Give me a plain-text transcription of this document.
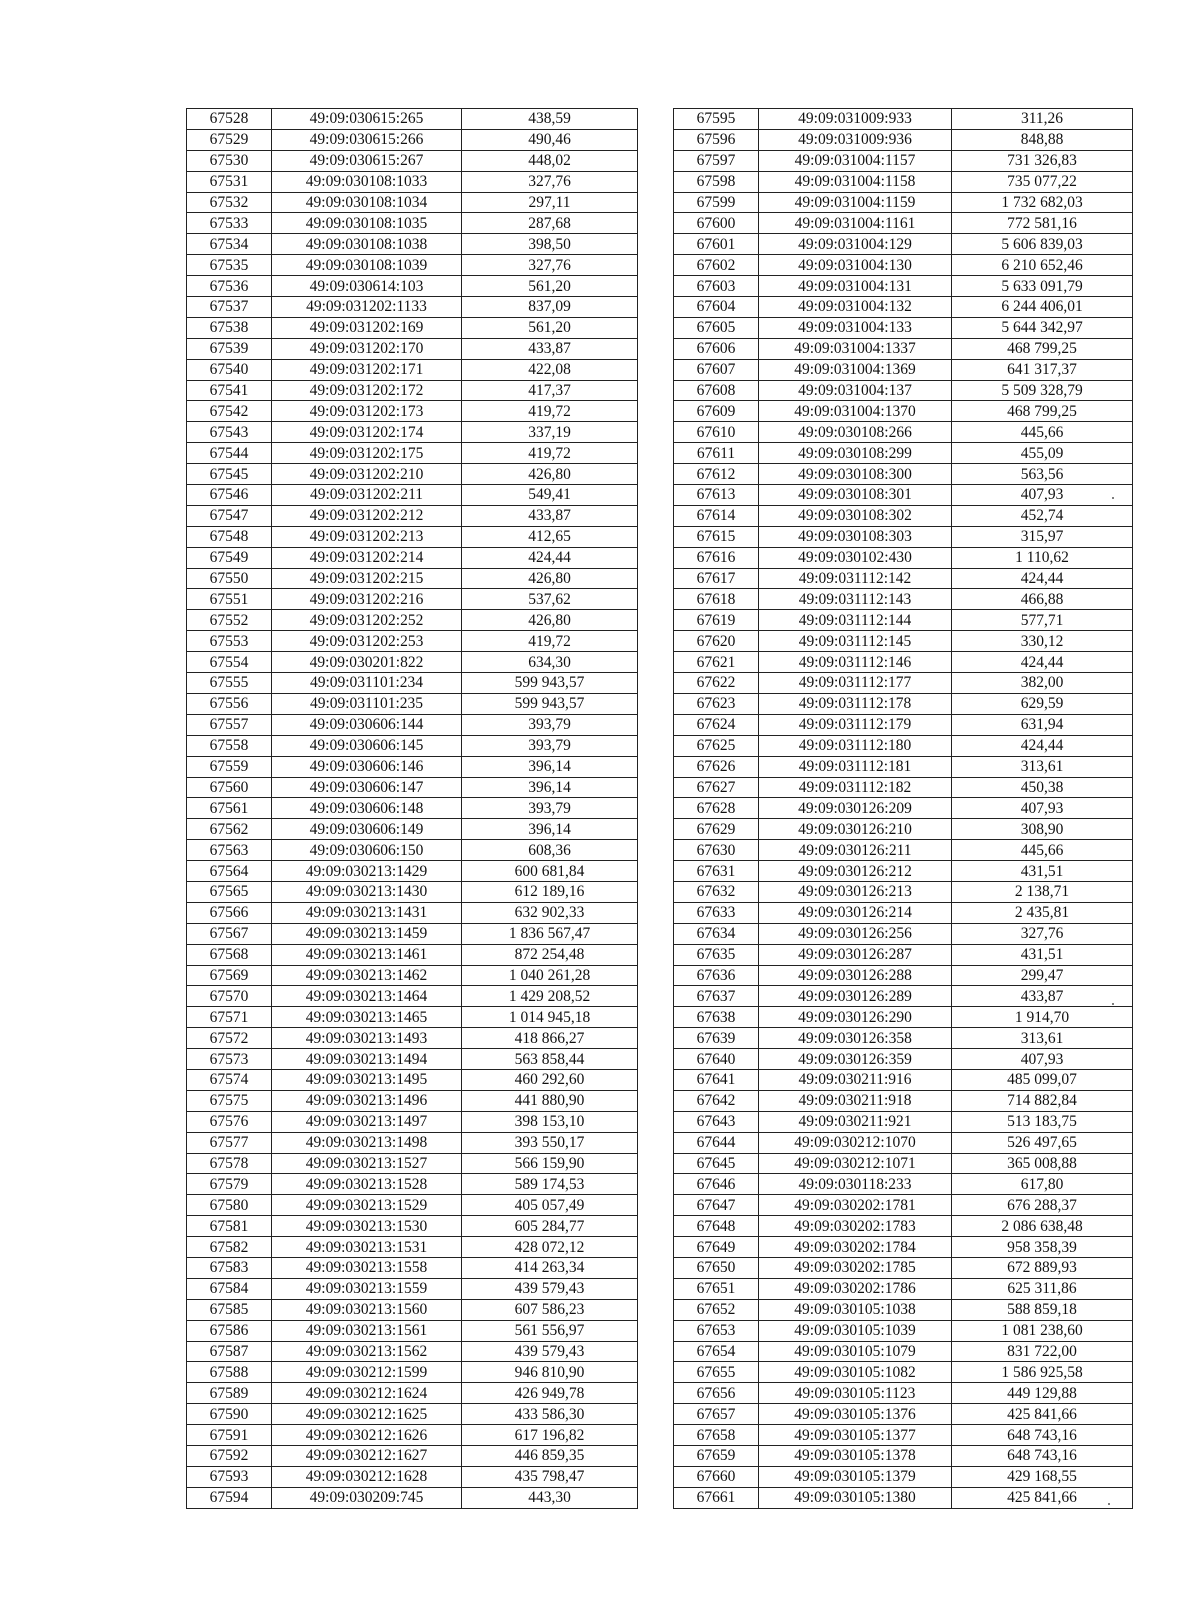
67528	49:09:030615:265	438,59
67529	49:09:030615:266	490,46
67530	49:09:030615:267	448,02
67531	49:09:030108:1033	327,76
67532	49:09:030108:1034	297,11
67533	49:09:030108:1035	287,68
67534	49:09:030108:1038	398,50
67535	49:09:030108:1039	327,76
67536	49:09:030614:103	561,20
67537	49:09:031202:1133	837,09
67538	49:09:031202:169	561,20
67539	49:09:031202:170	433,87
67540	49:09:031202:171	422,08
67541	49:09:031202:172	417,37
67542	49:09:031202:173	419,72
67543	49:09:031202:174	337,19
67544	49:09:031202:175	419,72
67545	49:09:031202:210	426,80
67546	49:09:031202:211	549,41
67547	49:09:031202:212	433,87
67548	49:09:031202:213	412,65
67549	49:09:031202:214	424,44
67550	49:09:031202:215	426,80
67551	49:09:031202:216	537,62
67552	49:09:031202:252	426,80
67553	49:09:031202:253	419,72
67554	49:09:030201:822	634,30
67555	49:09:031101:234	599 943,57
67556	49:09:031101:235	599 943,57
67557	49:09:030606:144	393,79
67558	49:09:030606:145	393,79
67559	49:09:030606:146	396,14
67560	49:09:030606:147	396,14
67561	49:09:030606:148	393,79
67562	49:09:030606:149	396,14
67563	49:09:030606:150	608,36
67564	49:09:030213:1429	600 681,84
67565	49:09:030213:1430	612 189,16
67566	49:09:030213:1431	632 902,33
67567	49:09:030213:1459	1 836 567,47
67568	49:09:030213:1461	872 254,48
67569	49:09:030213:1462	1 040 261,28
67570	49:09:030213:1464	1 429 208,52
67571	49:09:030213:1465	1 014 945,18
67572	49:09:030213:1493	418 866,27
67573	49:09:030213:1494	563 858,44
67574	49:09:030213:1495	460 292,60
67575	49:09:030213:1496	441 880,90
67576	49:09:030213:1497	398 153,10
67577	49:09:030213:1498	393 550,17
67578	49:09:030213:1527	566 159,90
67579	49:09:030213:1528	589 174,53
67580	49:09:030213:1529	405 057,49
67581	49:09:030213:1530	605 284,77
67582	49:09:030213:1531	428 072,12
67583	49:09:030213:1558	414 263,34
67584	49:09:030213:1559	439 579,43
67585	49:09:030213:1560	607 586,23
67586	49:09:030213:1561	561 556,97
67587	49:09:030213:1562	439 579,43
67588	49:09:030212:1599	946 810,90
67589	49:09:030212:1624	426 949,78
67590	49:09:030212:1625	433 586,30
67591	49:09:030212:1626	617 196,82
67592	49:09:030212:1627	446 859,35
67593	49:09:030212:1628	435 798,47
67594	49:09:030209:745	443,30
67595	49:09:031009:933	311,26
67596	49:09:031009:936	848,88
67597	49:09:031004:1157	731 326,83
67598	49:09:031004:1158	735 077,22
67599	49:09:031004:1159	1 732 682,03
67600	49:09:031004:1161	772 581,16
67601	49:09:031004:129	5 606 839,03
67602	49:09:031004:130	6 210 652,46
67603	49:09:031004:131	5 633 091,79
67604	49:09:031004:132	6 244 406,01
67605	49:09:031004:133	5 644 342,97
67606	49:09:031004:1337	468 799,25
67607	49:09:031004:1369	641 317,37
67608	49:09:031004:137	5 509 328,79
67609	49:09:031004:1370	468 799,25
67610	49:09:030108:266	445,66
67611	49:09:030108:299	455,09
67612	49:09:030108:300	563,56
67613	49:09:030108:301	407,93
67614	49:09:030108:302	452,74
67615	49:09:030108:303	315,97
67616	49:09:030102:430	1 110,62
67617	49:09:031112:142	424,44
67618	49:09:031112:143	466,88
67619	49:09:031112:144	577,71
67620	49:09:031112:145	330,12
67621	49:09:031112:146	424,44
67622	49:09:031112:177	382,00
67623	49:09:031112:178	629,59
67624	49:09:031112:179	631,94
67625	49:09:031112:180	424,44
67626	49:09:031112:181	313,61
67627	49:09:031112:182	450,38
67628	49:09:030126:209	407,93
67629	49:09:030126:210	308,90
67630	49:09:030126:211	445,66
67631	49:09:030126:212	431,51
67632	49:09:030126:213	2 138,71
67633	49:09:030126:214	2 435,81
67634	49:09:030126:256	327,76
67635	49:09:030126:287	431,51
67636	49:09:030126:288	299,47
67637	49:09:030126:289	433,87
67638	49:09:030126:290	1 914,70
67639	49:09:030126:358	313,61
67640	49:09:030126:359	407,93
67641	49:09:030211:916	485 099,07
67642	49:09:030211:918	714 882,84
67643	49:09:030211:921	513 183,75
67644	49:09:030212:1070	526 497,65
67645	49:09:030212:1071	365 008,88
67646	49:09:030118:233	617,80
67647	49:09:030202:1781	676 288,37
67648	49:09:030202:1783	2 086 638,48
67649	49:09:030202:1784	958 358,39
67650	49:09:030202:1785	672 889,93
67651	49:09:030202:1786	625 311,86
67652	49:09:030105:1038	588 859,18
67653	49:09:030105:1039	1 081 238,60
67654	49:09:030105:1079	831 722,00
67655	49:09:030105:1082	1 586 925,58
67656	49:09:030105:1123	449 129,88
67657	49:09:030105:1376	425 841,66
67658	49:09:030105:1377	648 743,16
67659	49:09:030105:1378	648 743,16
67660	49:09:030105:1379	429 168,55
67661	49:09:030105:1380	425 841,66
